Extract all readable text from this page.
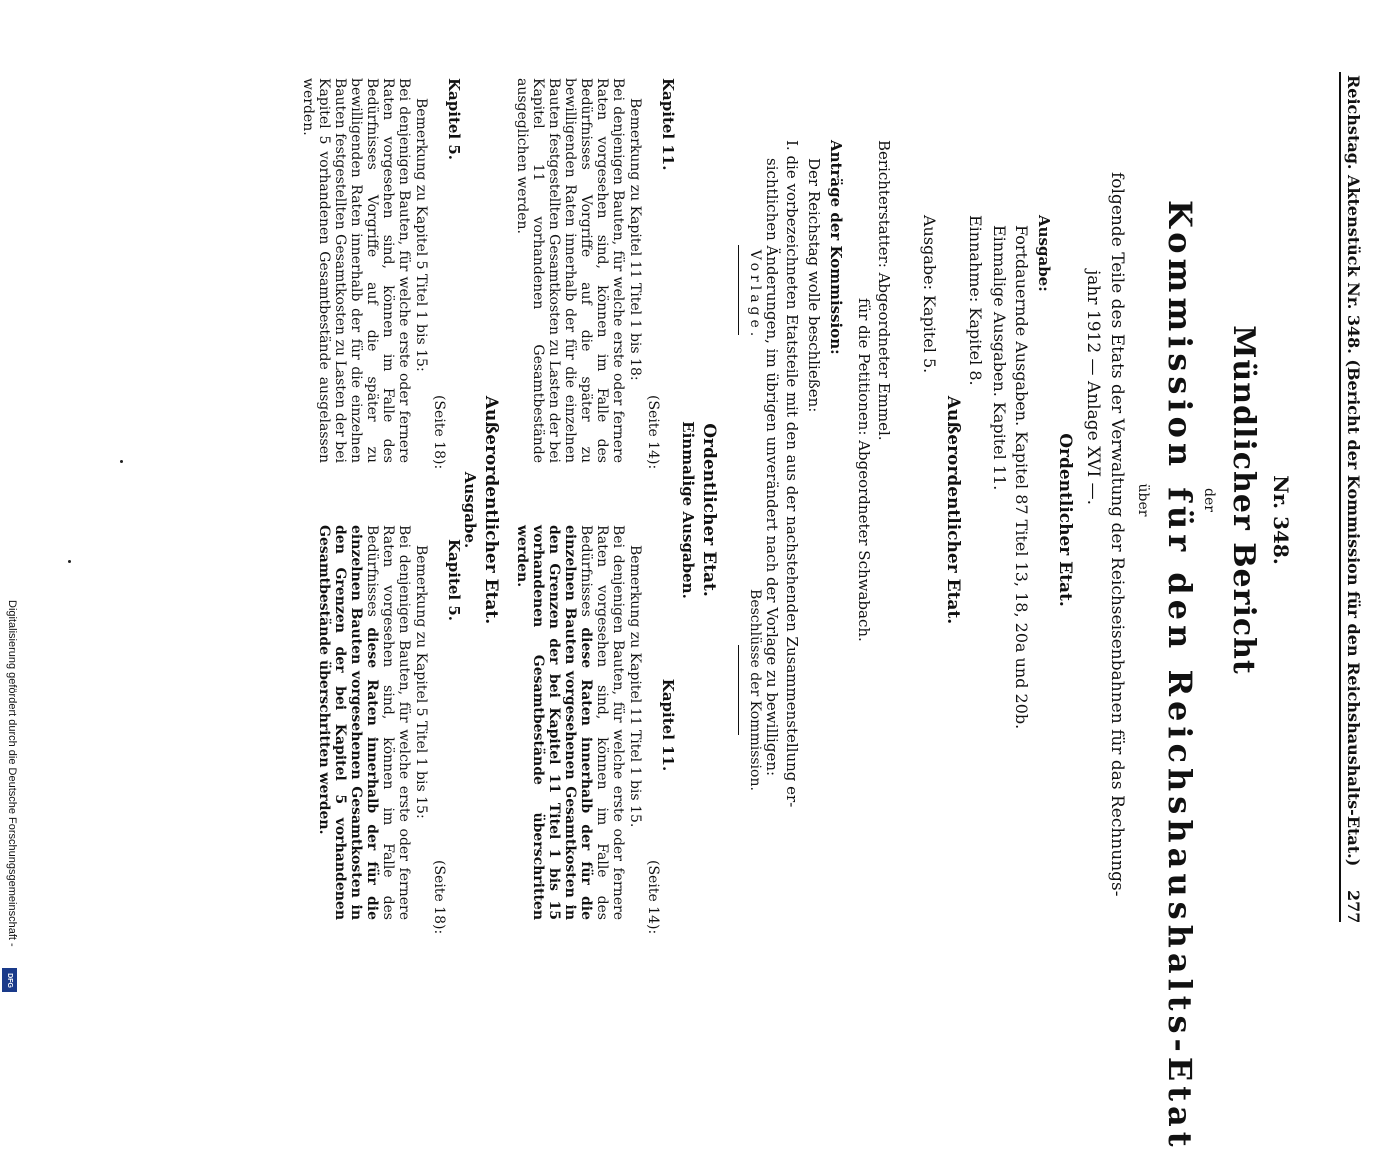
Reichstag. Aktenstück Nr. 348. (Bericht der Kommission für den Reichshaushalts-Etat.)
277
Nr. 348.
Mündlicher Bericht
der
Kommission für den Reichshaushalts-Etat
über
folgende Teile des Etats der Verwaltung der Reichseisenbahnen für das Rechnungs-
jahr 1912 — Anlage XVI —.
Ordentlicher Etat.
Ausgabe:
Fortdauernde Ausgaben. Kapitel 87 Titel 13, 18, 20a und 20b.
Einmalige Ausgaben. Kapitel 11.
Einnahme: Kapitel 8.
Außerordentlicher Etat.
Ausgabe: Kapitel 5.
Berichterstatter: Abgeordneter Emmel.
für die Petitionen: Abgeordneter Schwabach.
Anträge der Kommission:
Der Reichstag wolle beschließen:
I. die vorbezeichneten Etatsteile mit den aus der nachstehenden Zusammenstellung er-
sichtlichen Änderungen, im übrigen unverändert nach der Vorlage zu bewilligen:
Vorlage.
Beschlüsse der Kommission.
Ordentlicher Etat.
Einmalige Ausgaben.
Kapitel 11.
(Seite 14):
Bemerkung zu Kapitel 11 Titel 1 bis 18:
Bei denjenigen Bauten, für welche erste oder fernere Raten vorgesehen sind, können im Falle des Bedürfnisses Vorgriffe auf die später zu bewilligenden Raten innerhalb der für die einzelnen Bauten festgestellten Gesamtkosten zu Lasten der bei Kapitel 11 vorhandenen Gesamtbestände ausgeglichen werden.
Kapitel 11.
(Seite 14):
Bemerkung zu Kapitel 11 Titel 1 bis 15.
Bei denjenigen Bauten, für welche erste oder fernere Raten vorgesehen sind, können im Falle des Bedürfnisses diese Raten innerhalb der für die einzelnen Bauten vorgesehenen Gesamtkosten in den Grenzen der bei Kapitel 11 Titel 1 bis 15 vorhandenen Gesamtbestände überschritten werden.
Außerordentlicher Etat.
Ausgabe.
Kapitel 5.
(Seite 18):
Bemerkung zu Kapitel 5 Titel 1 bis 15:
Bei denjenigen Bauten, für welche erste oder fernere Raten vorgesehen sind, können im Falle des Bedürfnisses Vorgriffe auf die später zu bewilligenden Raten innerhalb der für die einzelnen Bauten festgestellten Gesamtkosten zu Lasten der bei Kapitel 5 vorhandenen Gesamtbestände ausgelassen werden.
Kapitel 5.
(Seite 18):
Bemerkung zu Kapitel 5 Titel 1 bis 15:
Bei denjenigen Bauten, für welche erste oder fernere Raten vorgesehen sind, können im Falle des Bedürfnisses diese Raten innerhalb der für die einzelnen Bauten vorgesehenen Gesamtkosten in den Grenzen der bei Kapitel 5 vorhandenen Gesamtbestände überschritten werden.
Digitalisierung gefördert durch die Deutsche Forschungsgemeinschaft -
DFG
